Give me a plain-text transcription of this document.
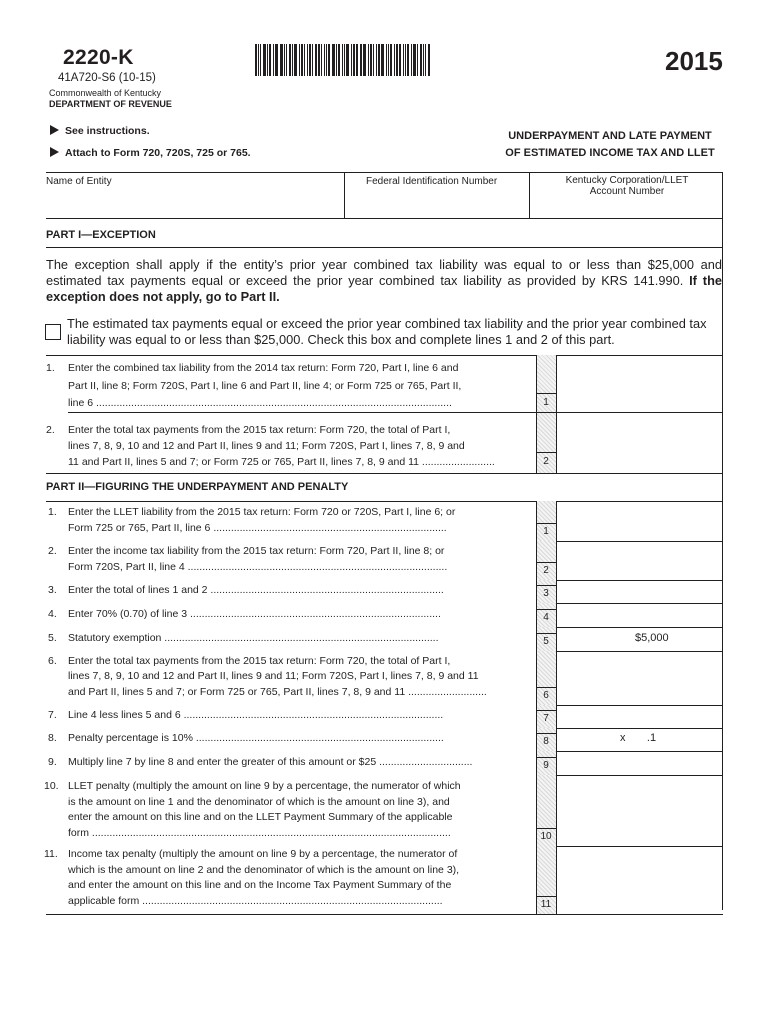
2220-K
41A720-S6 (10-15)
Commonwealth of Kentucky
DEPARTMENT OF REVENUE
2015
See instructions.
Attach to Form 720, 720S, 725 or 765.
UNDERPAYMENT AND LATE PAYMENT
OF ESTIMATED INCOME TAX AND LLET
Name of Entity	Federal Identification Number	Kentucky Corporation/LLET
Account Number
PART I—EXCEPTION
The exception shall apply if the entity’s prior year combined tax liability was equal to or less than $25,000 and estimated tax payments equal or exceed the prior year combined tax liability as provided by KRS 141.990. If the exception does not apply, go to Part II.
The estimated tax payments equal or exceed the prior year combined tax liability and the prior year combined tax liability was equal to or less than $25,000. Check this box and complete lines 1 and 2 of this part.
1. Enter the combined tax liability from the 2014 tax return: Form 720, Part I, line 6 and
Part II, line 8; Form 720S, Part I, line 6 and Part II, line 4; or Form 725 or 765, Part II,
line 6 ..........................................................................................................................	1
2. Enter the total tax payments from the 2015 tax return: Form 720, the total of Part I,
lines 7, 8, 9, 10 and 12 and Part II, lines 9 and 11; Form 720S, Part I, lines 7, 8, 9 and
11 and Part II, lines 5 and 7; or Form 725 or 765, Part II, lines 7, 8, 9 and 11 .........................	2
PART II—FIGURING THE UNDERPAYMENT AND PENALTY
1. Enter the LLET liability from the 2015 tax return: Form 720 or 720S, Part I, line 6; or
Form 725 or 765, Part II, line 6 ................................................................................	1
2. Enter the income tax liability from the 2015 tax return: Form 720, Part II, line 8; or
Form 720S, Part II, line 4 .........................................................................................	2
3. Enter the total of lines 1 and 2 ................................................................................	3
4. Enter 70% (0.70) of line 3 ......................................................................................	4
5. Statutory exemption ..............................................................................................	5	$5,000
6. Enter the total tax payments from the 2015 tax return: Form 720, the total of Part I,
lines 7, 8, 9, 10 and 12 and Part II, lines 9 and 11; Form 720S, Part I, lines 7, 8, 9 and 11
and Part II, lines 5 and 7; or Form 725 or 765, Part II, lines 7, 8, 9 and 11 ...........................	6
7. Line 4 less lines 5 and 6 .........................................................................................	7
8. Penalty percentage is 10% .....................................................................................	8	x       .1
9. Multiply line 7 by line 8 and enter the greater of this amount or $25 ................................	9
10. LLET penalty (multiply the amount on line 9 by a percentage, the numerator of which
is the amount on line 1 and the denominator of which is the amount on line 3), and
enter the amount on this line and on the LLET Payment Summary of the applicable
form ...........................................................................................................................	10
11. Income tax penalty (multiply the amount on line 9 by a percentage, the numerator of
which is the amount on line 2 and the denominator of which is the amount on line 3),
and enter the amount on this line and on the Income Tax Payment Summary of the
applicable form .......................................................................................................	11
